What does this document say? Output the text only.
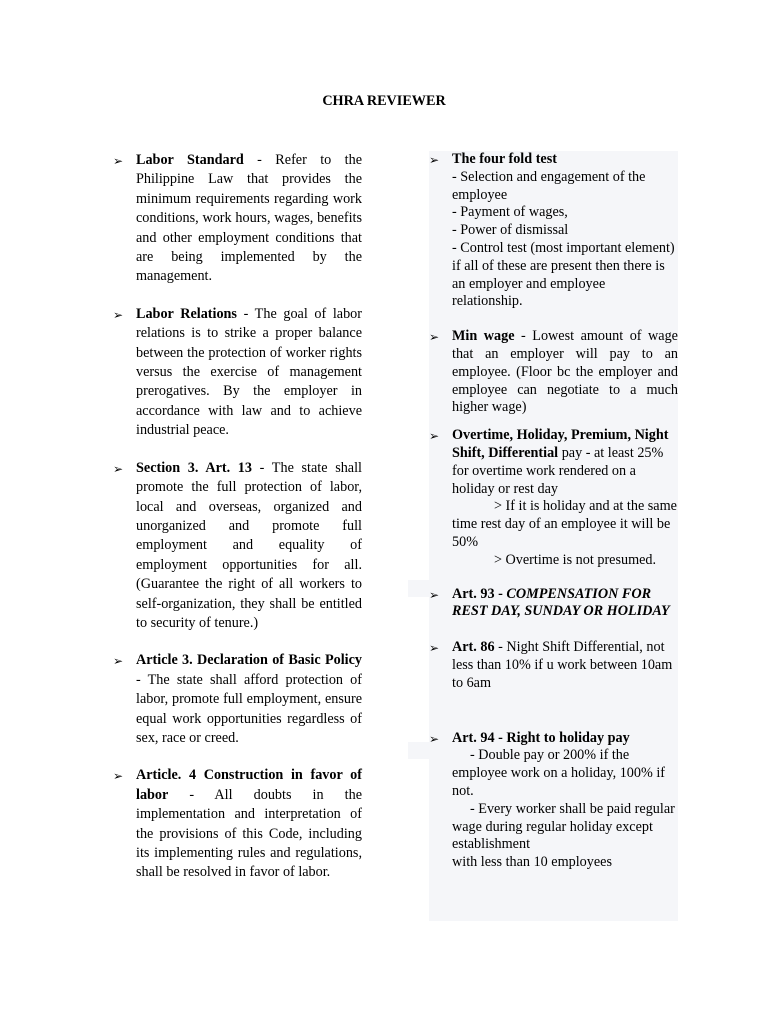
CHRA REVIEWER
➢ Labor Standard - Refer to the Philippine Law that provides the minimum requirements regarding work conditions, work hours, wages, benefits and other employment conditions that are being implemented by the management.
➢ Labor Relations - The goal of labor relations is to strike a proper balance between the protection of worker rights versus the exercise of management prerogatives. By the employer in accordance with law and to achieve industrial peace.
➢ Section 3. Art. 13 - The state shall promote the full protection of labor, local and overseas, organized and unorganized and promote full employment and equality of employment opportunities for all. (Guarantee the right of all workers to self-organization, they shall be entitled to security of tenure.)
➢ Article 3. Declaration of Basic Policy - The state shall afford protection of labor, promote full employment, ensure equal work opportunities regardless of sex, race or creed.
➢ Article. 4 Construction in favor of labor - All doubts in the implementation and interpretation of the provisions of this Code, including its implementing rules and regulations, shall be resolved in favor of labor.
➢ The four fold test
- Selection and engagement of the employee
- Payment of wages,
- Power of dismissal
- Control test (most important element) if all of these are present then there is an employer and employee relationship.
➢ Min wage - Lowest amount of wage that an employer will pay to an employee. (Floor bc the employer and employee can negotiate to a much higher wage)
➢ Overtime, Holiday, Premium, Night Shift, Differential pay - at least 25% for overtime work rendered on a holiday or rest day
> If it is holiday and at the same time rest day of an employee it will be 50%
> Overtime is not presumed.
➢ Art. 93 - COMPENSATION FOR REST DAY, SUNDAY OR HOLIDAY
➢ Art. 86 - Night Shift Differential, not less than 10% if u work between 10am to 6am
➢ Art. 94 - Right to holiday pay
- Double pay or 200% if the employee work on a holiday, 100% if not.
- Every worker shall be paid regular wage during regular holiday except establishment
with less than 10 employees
